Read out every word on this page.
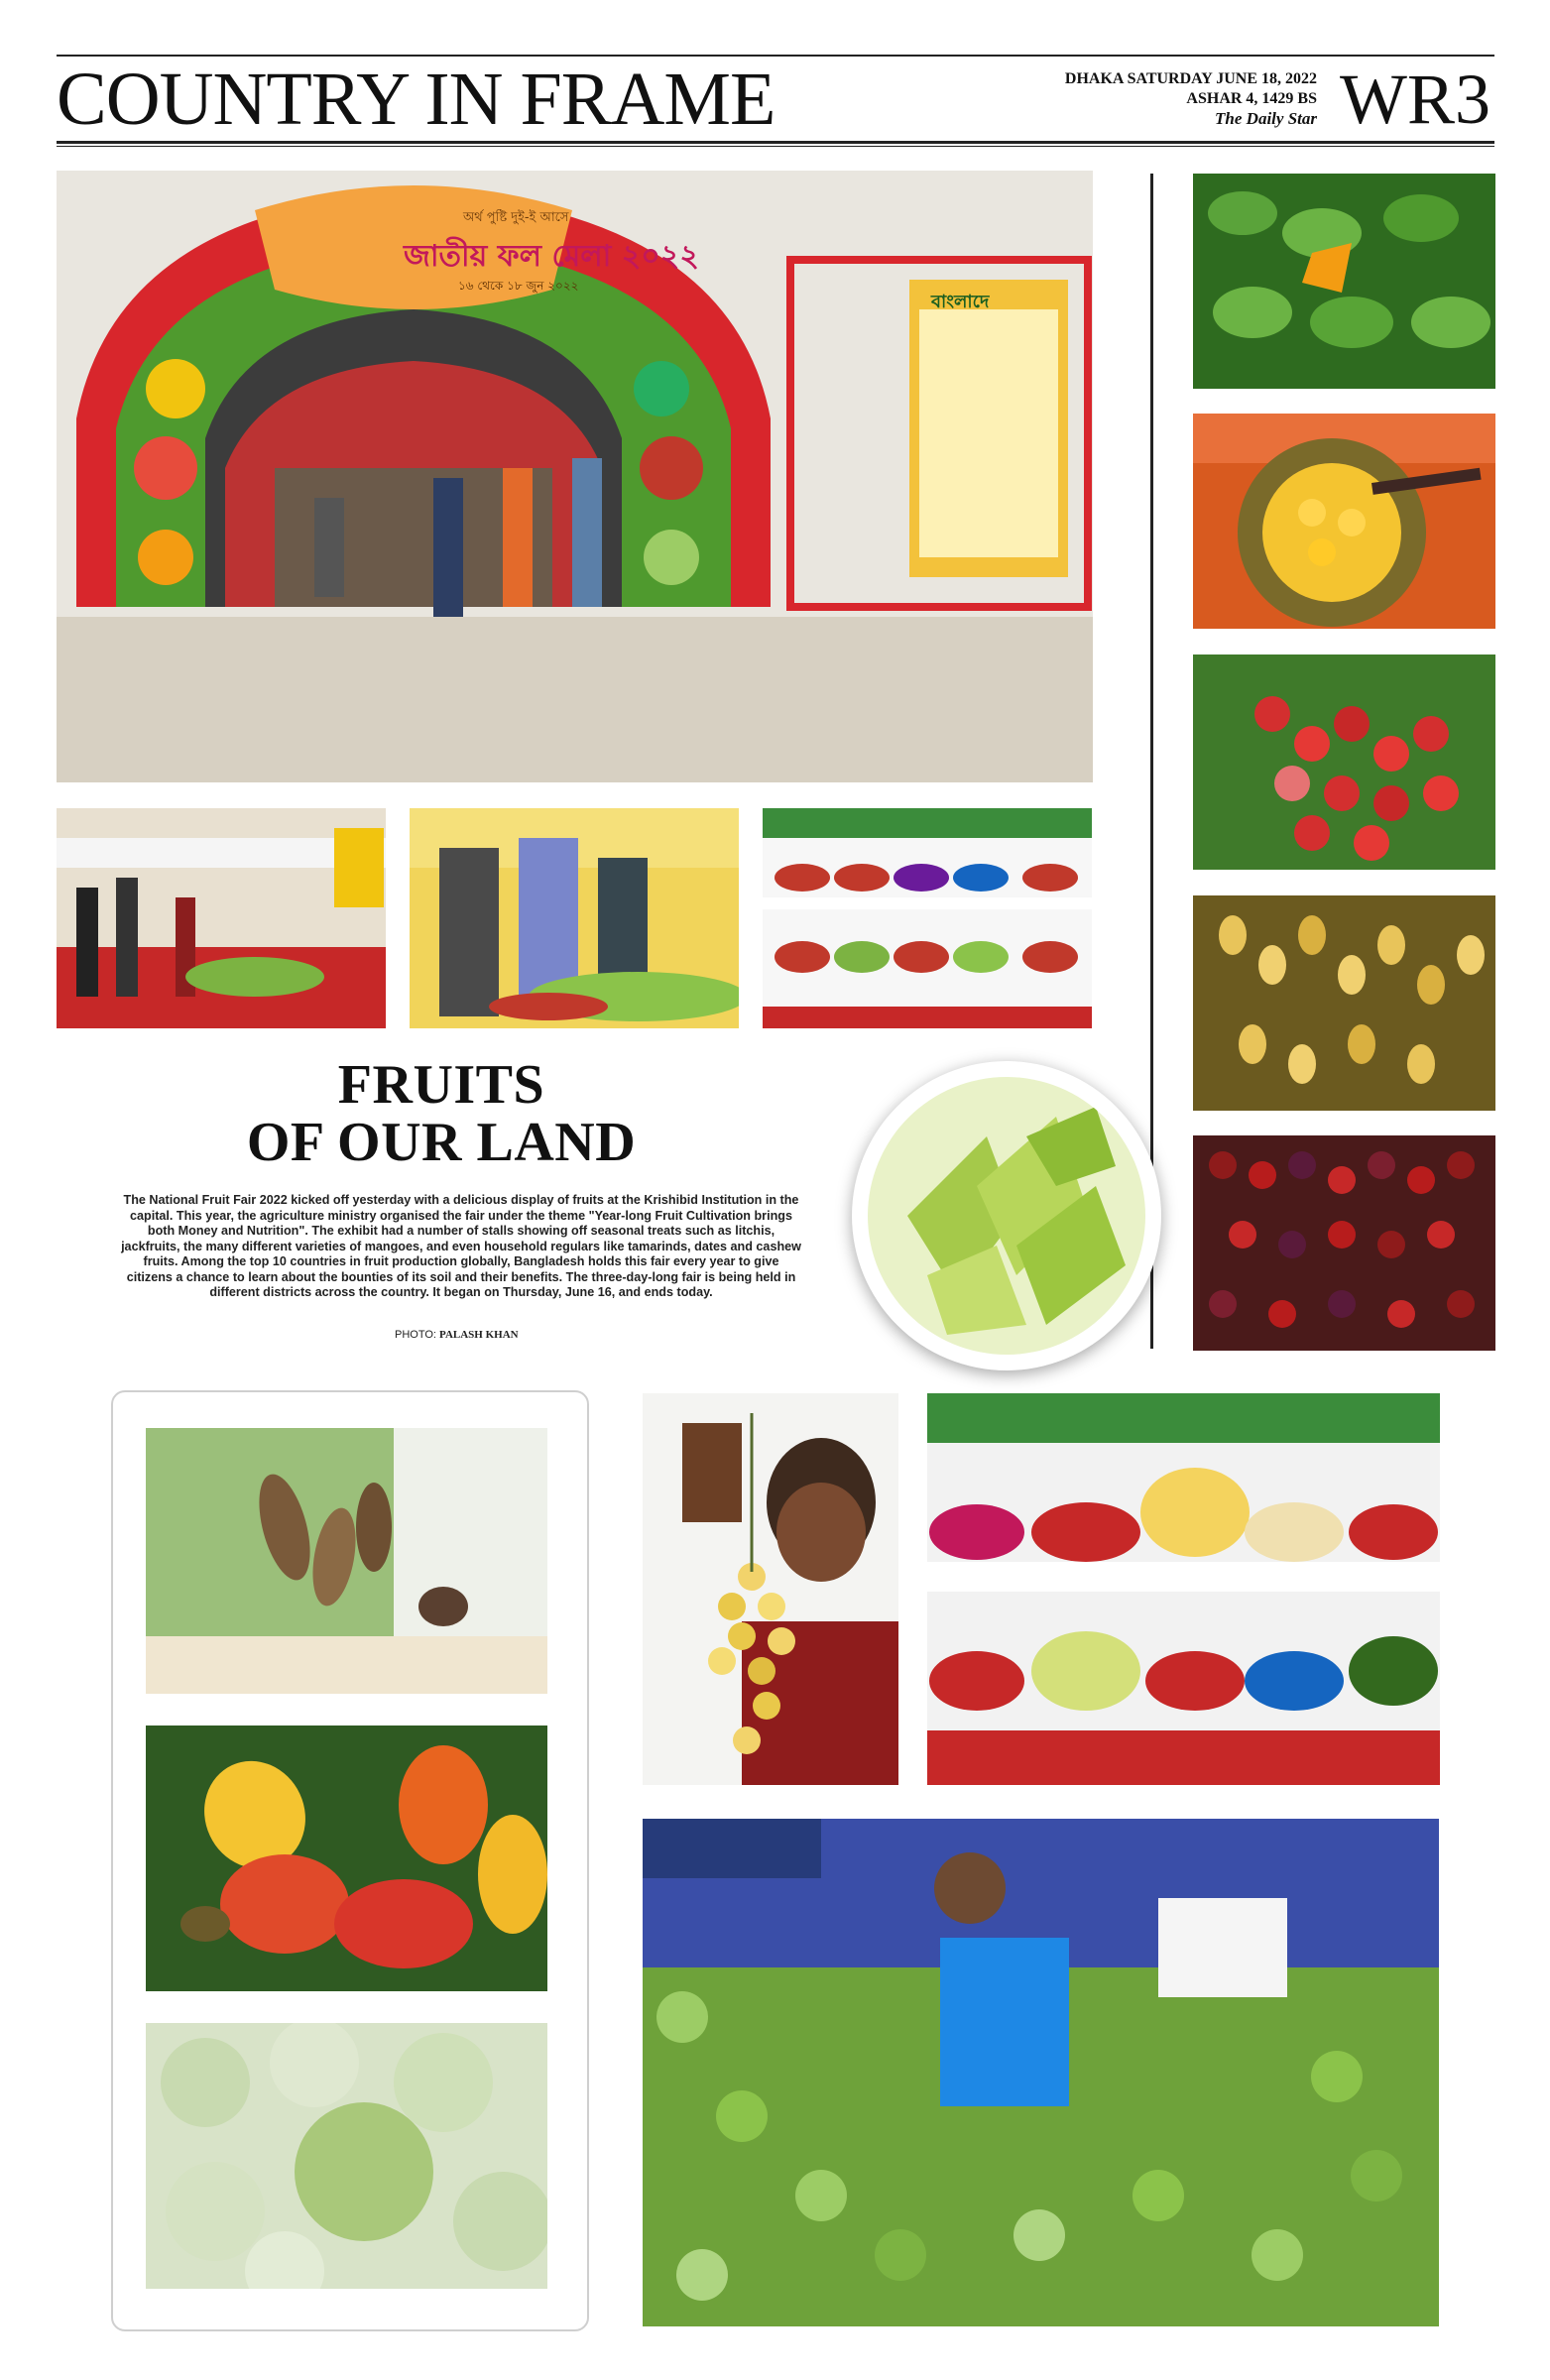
COUNTRY IN FRAME	DHAKA SATURDAY JUNE 18, 2022
ASHAR 4, 1429 BS
The Daily Star WR3
অর্থ পুষ্টি দুই-ই আসে
জাতীয় ফল মেলা ২০২২
১৬ থেকে ১৮ জুন ২০২২
বাংলাদে
FRUITS
OF OUR LAND
The National Fruit Fair 2022 kicked off yesterday with a delicious display of fruits at the Krishibid Institution in the capital. This year, the agriculture ministry organised the fair under the theme "Year-long Fruit Cultivation brings both Money and Nutrition". The exhibit had a number of stalls showing off seasonal treats such as litchis, jackfruits, the many different varieties of mangoes, and even household regulars like tamarinds, dates and cashew fruits. Among the top 10 countries in fruit production globally, Bangladesh holds this fair every year to give citizens a chance to learn about the bounties of its soil and their benefits. The three-day-long fair is being held in different districts across the country. It began on Thursday, June 16, and ends today.
PHOTO: PALASH KHAN
